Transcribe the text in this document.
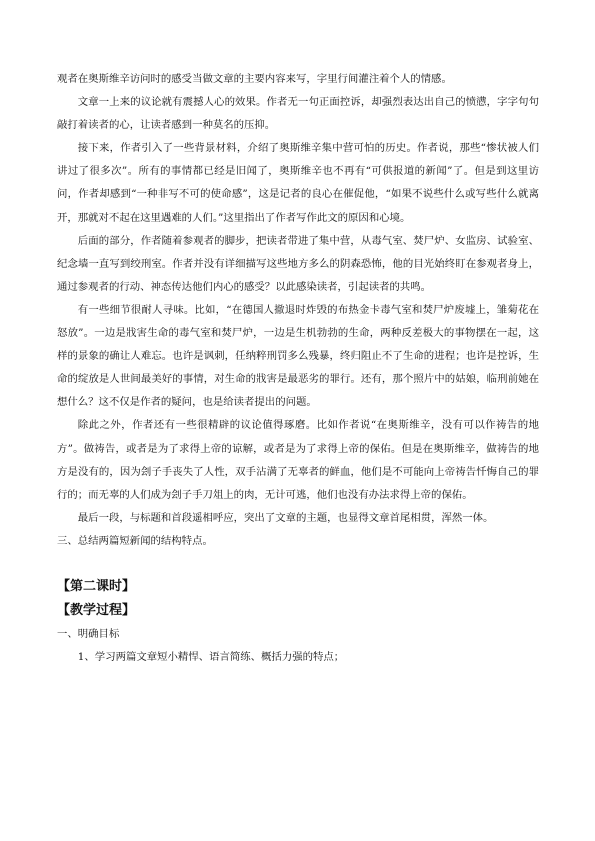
观者在奥斯维辛访问时的感受当做文章的主要内容来写，字里行间灌注着个人的情感。

文章一上来的议论就有震撼人心的效果。作者无一句正面控诉，却强烈表达出自己的愤懑，字字句句敲打着读者的心，让读者感到一种莫名的压抑。

接下来，作者引入了一些背景材料，介绍了奥斯维辛集中营可怕的历史。作者说，那些“惨状被人们讲过了很多次”。所有的事情都已经是旧闻了，奥斯维辛也不再有“可供报道的新闻”了。但是到这里访问，作者却感到“一种非写不可的使命感”，这是记者的良心在催促他，“如果不说些什么或写些什么就离开，那就对不起在这里遇难的人们。”这里指出了作者写作此文的原因和心境。

后面的部分，作者随着参观者的脚步，把读者带进了集中营，从毒气室、焚尸炉、女监房、试验室、纪念墙一直写到绞刑室。作者并没有详细描写这些地方多么的阴森恐怖，他的目光始终盯在参观者身上，通过参观者的行动、神态传达他们内心的感受？以此感染读者，引起读者的共鸣。

有一些细节很耐人寻味。比如，“在德国人撤退时炸毁的布热金卡毒气室和焚尸炉废墟上，雏菊花在怒放”。一边是戕害生命的毒气室和焚尸炉，一边是生机勃勃的生命，两种反差极大的事物摆在一起，这样的景象的确让人难忘。也许是讽刺，任纳粹刑罚多么残暴，终归阻止不了生命的进程；也许是控诉，生命的绽放是人世间最美好的事情，对生命的戕害是最恶劣的罪行。还有，那个照片中的姑娘，临刑前她在想什么？这不仅是作者的疑问，也是给读者提出的问题。

除此之外，作者还有一些很精辟的议论值得琢磨。比如作者说“在奥斯维辛，没有可以作祷告的地方”。做祷告，或者是为了求得上帝的谅解，或者是为了求得上帝的保佑。但是在奥斯维辛，做祷告的地方是没有的，因为刽子手丧失了人性，双手沾满了无辜者的鲜血，他们是不可能向上帝祷告忏悔自己的罪行的；而无辜的人们成为刽子手刀俎上的肉，无计可逃，他们也没有办法求得上帝的保佑。

最后一段，与标题和首段遥相呼应，突出了文章的主题，也显得文章首尾相贯，浑然一体。

三、总结两篇短新闻的结构特点。

【第二课时】

【教学过程】

一、明确目标

1、学习两篇文章短小精悍、语言简练、概括力强的特点；
